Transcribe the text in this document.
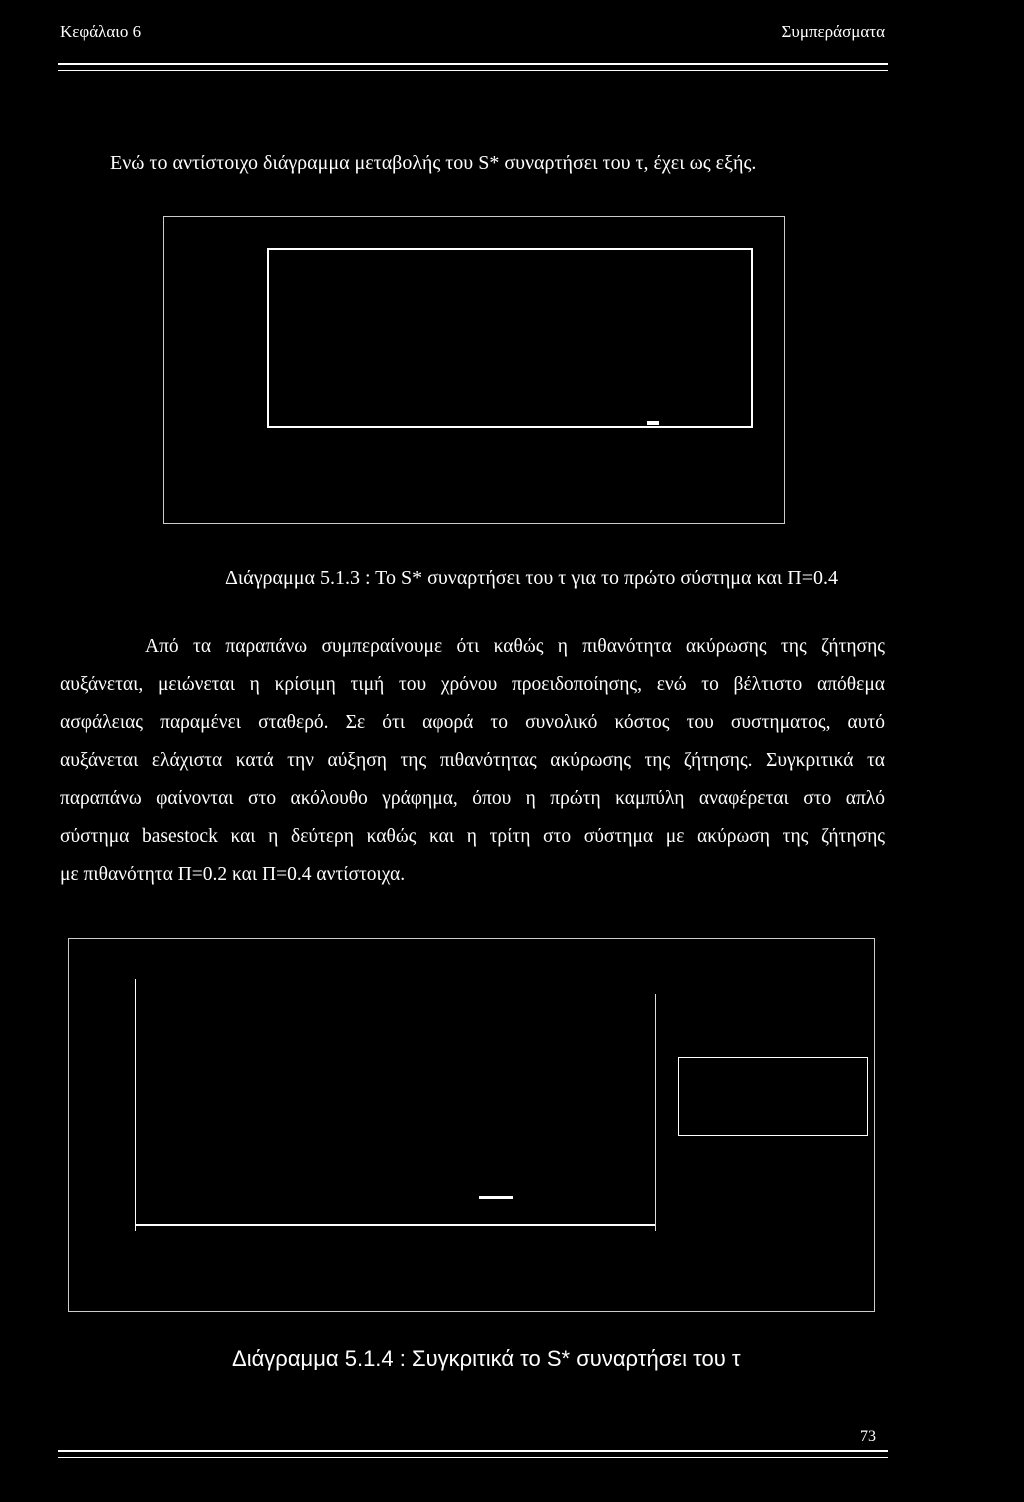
Κεφάλαιο 6	Συμπεράσματα
Ενώ το αντίστοιχο διάγραμμα μεταβολής του S* συναρτήσει του τ, έχει ως εξής.
Διάγραμμα 5.1.3 : Το S* συναρτήσει του τ για το πρώτο σύστημα και Π=0.4
Από τα παραπάνω συμπεραίνουμε ότι καθώς η πιθανότητα ακύρωσης της ζήτησης
αυξάνεται, μειώνεται η κρίσιμη τιμή του χρόνου προειδοποίησης, ενώ το βέλτιστο απόθεμα
ασφάλειας παραμένει σταθερό. Σε ότι αφορά το συνολικό κόστος του συστηματος, αυτό
αυξάνεται ελάχιστα κατά την αύξηση της πιθανότητας ακύρωσης της ζήτησης. Συγκριτικά τα
παραπάνω φαίνονται στο ακόλουθο γράφημα, όπου η πρώτη καμπύλη αναφέρεται στο απλό
σύστημα basestock και η δεύτερη καθώς και η τρίτη στο σύστημα με ακύρωση της ζήτησης
με πιθανότητα Π=0.2 και Π=0.4 αντίστοιχα.
Διάγραμμα 5.1.4 : Συγκριτικά το S* συναρτήσει του τ
73
